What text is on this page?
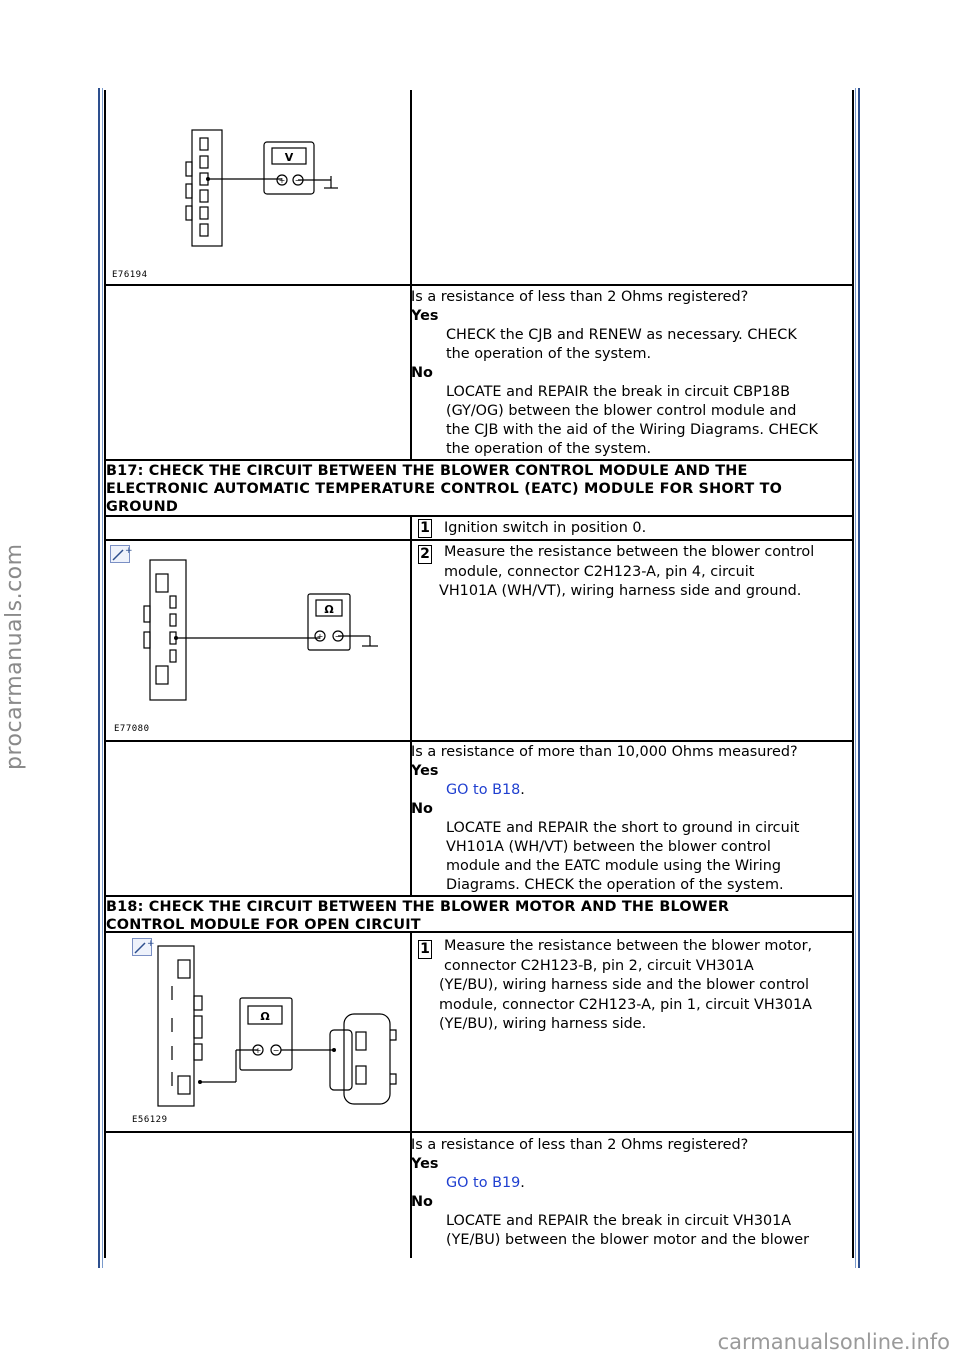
procarmanuals.com
carmanualsonline.info
V
+ −
E76194
Is a resistance of less than 2 Ohms registered?
Yes
CHECK the CJB and RENEW as necessary. CHECK
the operation of the system.
No
LOCATE and REPAIR the break in circuit CBP18B
(GY/OG) between the blower control module and
the CJB with the aid of the Wiring Diagrams. CHECK
the operation of the system.
B17: CHECK THE CIRCUIT BETWEEN THE BLOWER CONTROL MODULE AND THE
ELECTRONIC AUTOMATIC TEMPERATURE CONTROL (EATC) MODULE FOR SHORT TO
GROUND
1 Ignition switch in position 0.
2 Measure the resistance between the blower control
module, connector C2H123-A, pin 4, circuit
VH101A (WH/VT), wiring harness side and ground.
+
Ω
+ −
E77080
Is a resistance of more than 10,000 Ohms measured?
Yes
GO to B18.
No
LOCATE and REPAIR the short to ground in circuit
VH101A (WH/VT) between the blower control
module and the EATC module using the Wiring
Diagrams. CHECK the operation of the system.
B18: CHECK THE CIRCUIT BETWEEN THE BLOWER MOTOR AND THE BLOWER
CONTROL MODULE FOR OPEN CIRCUIT
1 Measure the resistance between the blower motor,
connector C2H123-B, pin 2, circuit VH301A
(YE/BU), wiring harness side and the blower control
module, connector C2H123-A, pin 1, circuit VH301A
(YE/BU), wiring harness side.
+
Ω
+ −
E56129
Is a resistance of less than 2 Ohms registered?
Yes
GO to B19.
No
LOCATE and REPAIR the break in circuit VH301A
(YE/BU) between the blower motor and the blower
